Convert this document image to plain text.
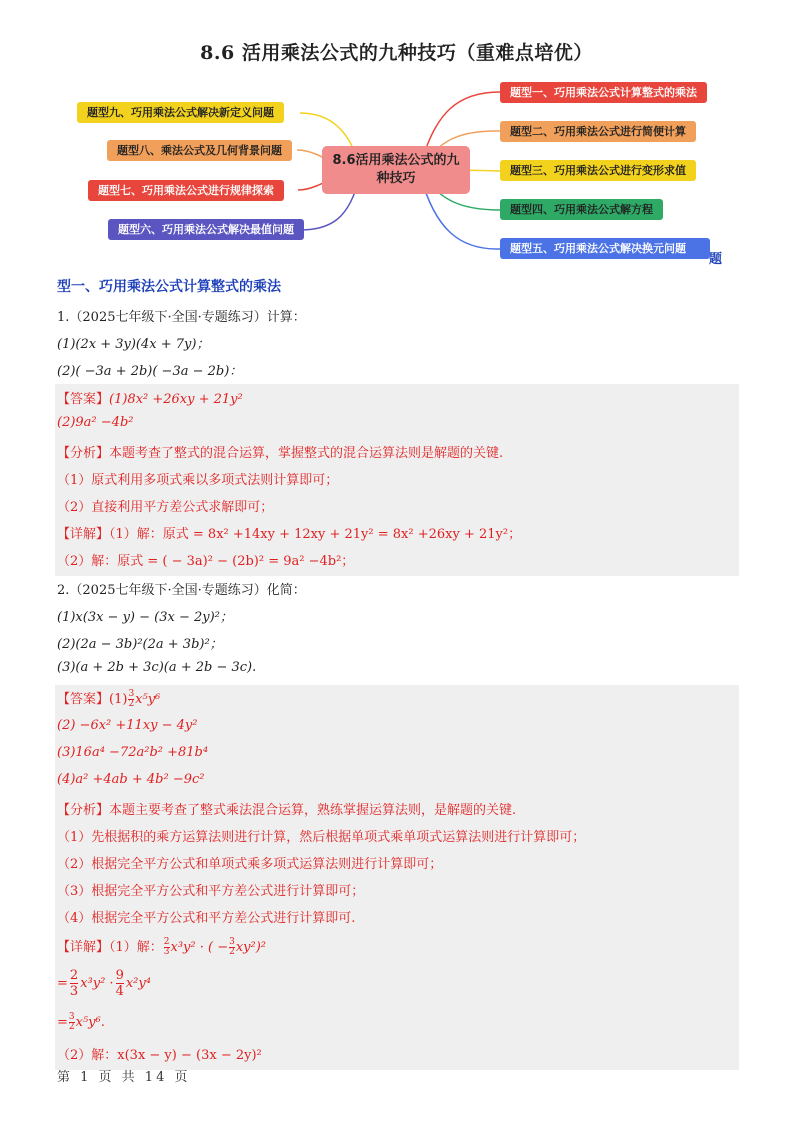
8.6 活用乘法公式的九种技巧（重难点培优）
8.6活用乘法公式的九
种技巧
题型一、巧用乘法公式计算整式的乘法
题型二、巧用乘法公式进行简便计算
题型三、巧用乘法公式进行变形求值
题型四、巧用乘法公式解方程
题型五、巧用乘法公式解决换元问题
题型九、巧用乘法公式解决新定义问题
题型八、乘法公式及几何背景问题
题型七、巧用乘法公式进行规律探索
题型六、巧用乘法公式解决最值问题
题
型一、巧用乘法公式计算整式的乘法
1.（2025七年级下·全国·专题练习）计算：
(1)(2x + 3y)(4x + 7y)；
(2)( −3a + 2b)( −3a − 2b)：
【答案】(1)8x² +26xy + 21y²
(2)9a² −4b²
【分析】本题考查了整式的混合运算，掌握整式的混合运算法则是解题的关键.
（1）原式利用多项式乘以多项式法则计算即可；
（2）直接利用平方差公式求解即可；
【详解】（1）解：原式 = 8x² +14xy + 12xy + 21y² = 8x² +26xy + 21y²；
（2）解：原式 = ( − 3a)² − (2b)² = 9a² −4b²；
2.（2025七年级下·全国·专题练习）化简：
(1)x(3x − y) − (3x − 2y)²；
(2)(2a − 3b)²(2a + 3b)²；
(3)(a + 2b + 3c)(a + 2b − 3c).
【答案】$(1) \frac{3}{2} x^5y^6$
(2) −6x² +11xy − 4y²
(3)16a⁴ −72a²b² +81b⁴
(4)a² +4ab + 4b² −9c²
【分析】本题主要考查了整式乘法混合运算，熟练掌握运算法则，是解题的关键.
（1）先根据积的乘方运算法则进行计算，然后根据单项式乘单项式运算法则进行计算即可；
（2）根据完全平方公式和单项式乘多项式运算法则进行计算即可；
（3）根据完全平方公式和平方差公式进行计算即可；
（4）根据完全平方公式和平方差公式进行计算即可.
【详解】（1）解： $\frac{2}{3} x^3y^2$ · ( − $\frac{3}{2} xy^2)^2$
= $\frac{2}{3} x^3y^2 \cdot \frac{9}{4} x^2y^4$
= $\frac{3}{2} x^5y^6$.
（2）解：x(3x − y) − (3x − 2y)²
第 1 页 共 14 页
